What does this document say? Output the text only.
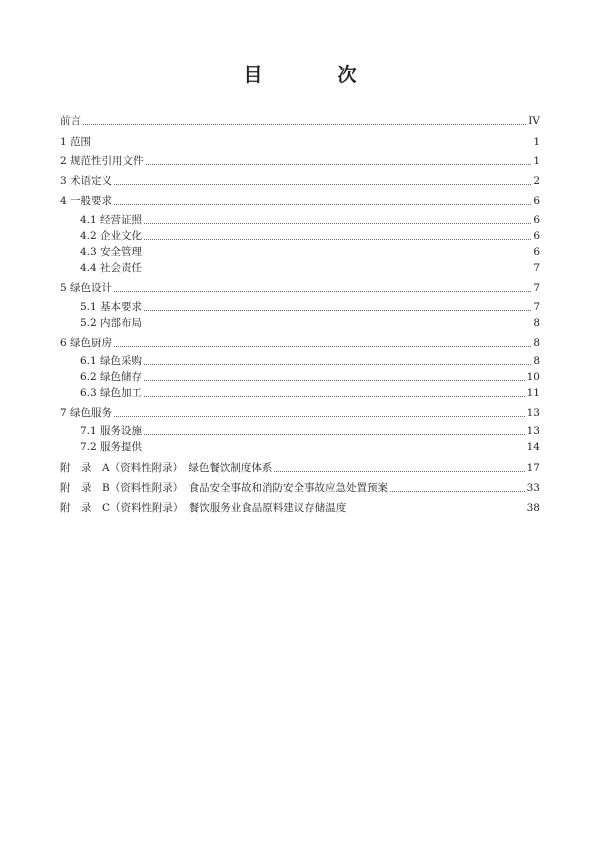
目　次
前言	IV
1 范围	1
2 规范性引用文件	1
3 术语定义	2
4 一般要求	6
4.1 经营证照	6
4.2 企业文化	6
4.3 安全管理	6
4.4 社会责任	7
5 绿色设计	7
5.1 基本要求	7
5.2 内部布局	8
6 绿色厨房	8
6.1 绿色采购	8
6.2 绿色储存	10
6.3 绿色加工	11
7 绿色服务	13
7.1 服务设施	13
7.2 服务提供	14
附　录　A（资料性附录）　绿色餐饮制度体系	17
附　录　B（资料性附录）　食品安全事故和消防安全事故应急处置预案	33
附　录　C（资料性附录）　餐饮服务业食品原料建议存储温度	38
